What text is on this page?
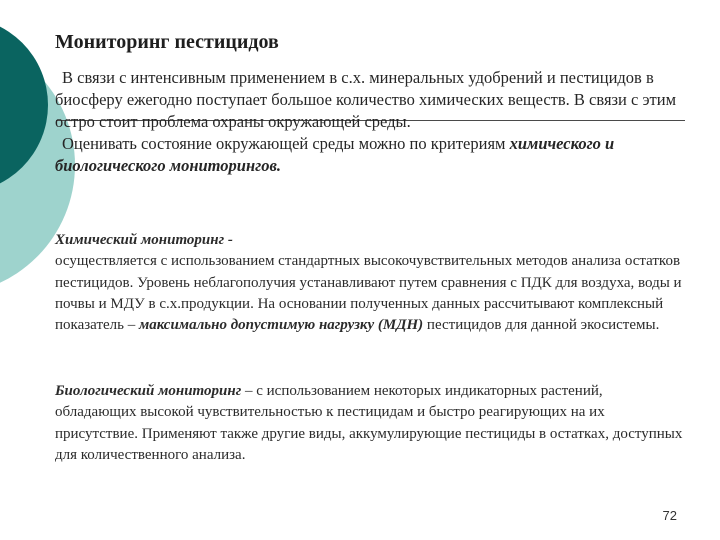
Мониторинг пестицидов

В связи с интенсивным применением в с.х. минеральных удобрений и пестицидов в биосферу ежегодно поступает большое количество химических веществ. В связи с этим остро стоит проблема охраны окружающей среды.
Оценивать состояние окружающей среды можно по критериям химического и биологического мониторингов.

Химический мониторинг -
осуществляется с использованием стандартных высокочувствительных методов анализа остатков пестицидов. Уровень неблагополучия устанавливают путем сравнения с ПДК для воздуха, воды и почвы и МДУ в с.х.продукции. На основании полученных данных рассчитывают комплексный показатель – максимально допустимую нагрузку (МДН) пестицидов для данной экосистемы.

Биологический мониторинг – с использованием некоторых индикаторных растений, обладающих высокой чувствительностью к пестицидам и быстро реагирующих на их присутствие. Применяют также другие виды, аккумулирующие пестициды в остатках, доступных для количественного анализа.

72
